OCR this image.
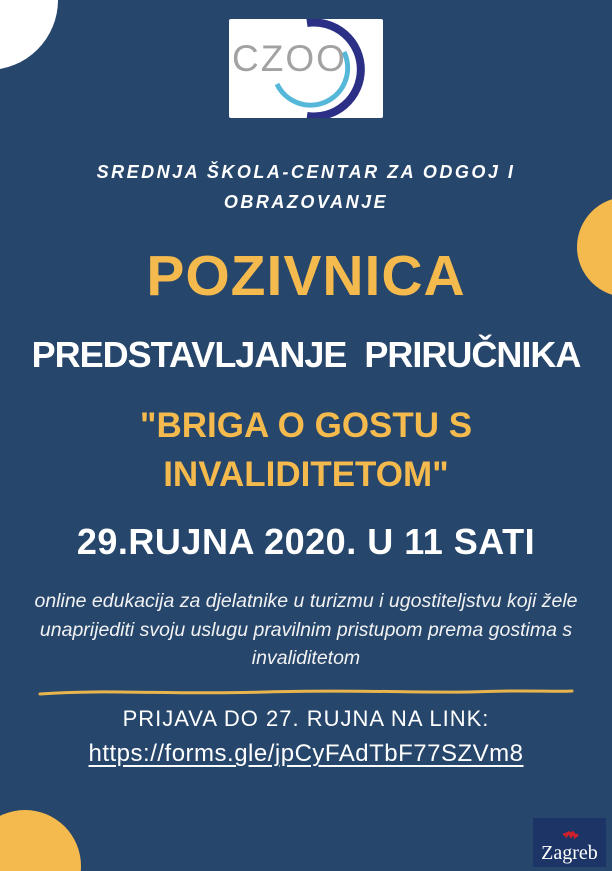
CZOO
SREDNJA ŠKOLA-CENTAR ZA ODGOJ I OBRAZOVANJE
POZIVNICA
PREDSTAVLJANJE  PRIRUČNIKA
"BRIGA O GOSTU S INVALIDITETOM"
29.RUJNA 2020. U 11 SATI
online edukacija za djelatnike u turizmu i ugostiteljstvu koji žele unaprijediti svoju uslugu pravilnim pristupom prema gostima s invaliditetom
PRIJAVA DO 27. RUJNA NA LINK:
https://forms.gle/jpCyFAdTbF77SZVm8
♥♥♥
Zagreb
